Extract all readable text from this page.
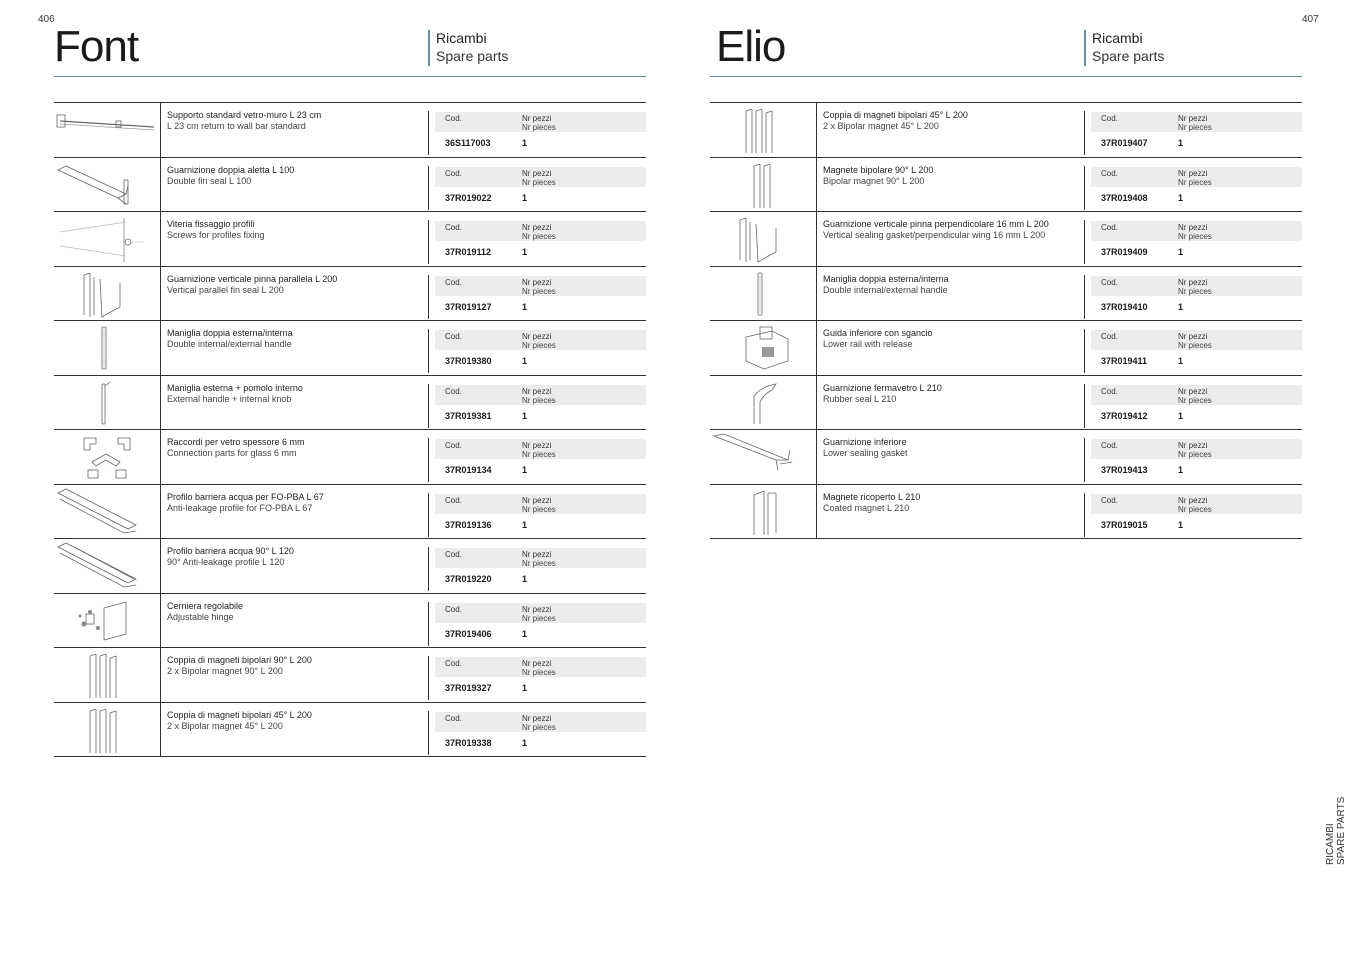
406	407
Font	Ricambi
Spare parts
Supporto standard vetro-muro L 23 cm
L 23 cm return to wall bar standard
Cod.	Nr pezzi
Nr pieces
36S117003	1
Guarnizione doppia aletta L 100
Double fin seal L 100
Cod.	Nr pezzi
Nr pieces
37R019022	1
Viteria fissaggio profili
Screws for profiles fixing
Cod.	Nr pezzi
Nr pieces
37R019112	1
Guarnizione verticale pinna parallela L 200
Vertical parallel fin seal L 200
Cod.	Nr pezzi
Nr pieces
37R019127	1
Maniglia doppia esterna/interna
Double internal/external handle
Cod.	Nr pezzi
Nr pieces
37R019380	1
Maniglia esterna + pomolo interno
External handle + internal knob
Cod.	Nr pezzi
Nr pieces
37R019381	1
Raccordi per vetro spessore 6 mm
Connection parts for glass 6 mm
Cod.	Nr pezzi
Nr pieces
37R019134	1
Profilo barriera acqua per FO-PBA L 67
Anti-leakage profile for FO-PBA L 67
Cod.	Nr pezzi
Nr pieces
37R019136	1
Profilo barriera acqua 90° L 120
90° Anti-leakage profile L 120
Cod.	Nr pezzi
Nr pieces
37R019220	1
Cerniera regolabile
Adjustable hinge
Cod.	Nr pezzi
Nr pieces
37R019406	1
Coppia di magneti bipolari 90° L 200
2 x Bipolar magnet 90° L 200
Cod.	Nr pezzi
Nr pieces
37R019327	1
Coppia di magneti bipolari 45° L 200
2 x Bipolar magnet 45° L 200
Cod.	Nr pezzi
Nr pieces
37R019338	1
Elio	Ricambi
Spare parts
Coppia di magneti bipolari 45° L 200
2 x Bipolar magnet 45° L 200
Cod.	Nr pezzi
Nr pieces
37R019407	1
Magnete bipolare 90° L 200
Bipolar magnet 90° L 200
Cod.	Nr pezzi
Nr pieces
37R019408	1
Guarnizione verticale pinna perpendicolare 16 mm L 200
Vertical sealing gasket/perpendicular wing 16 mm L 200
Cod.	Nr pezzi
Nr pieces
37R019409	1
Maniglia doppia esterna/interna
Double internal/external handle
Cod.	Nr pezzi
Nr pieces
37R019410	1
Guida inferiore con sgancio
Lower rail with release
Cod.	Nr pezzi
Nr pieces
37R019411	1
Guarnizione fermavetro L 210
Rubber seal L 210
Cod.	Nr pezzi
Nr pieces
37R019412	1
Guarnizione inferiore
Lower sealing gasket
Cod.	Nr pezzi
Nr pieces
37R019413	1
Magnete ricoperto L 210
Coated magnet L 210
Cod.	Nr pezzi
Nr pieces
37R019015	1
RICAMBI SPARE PARTS
